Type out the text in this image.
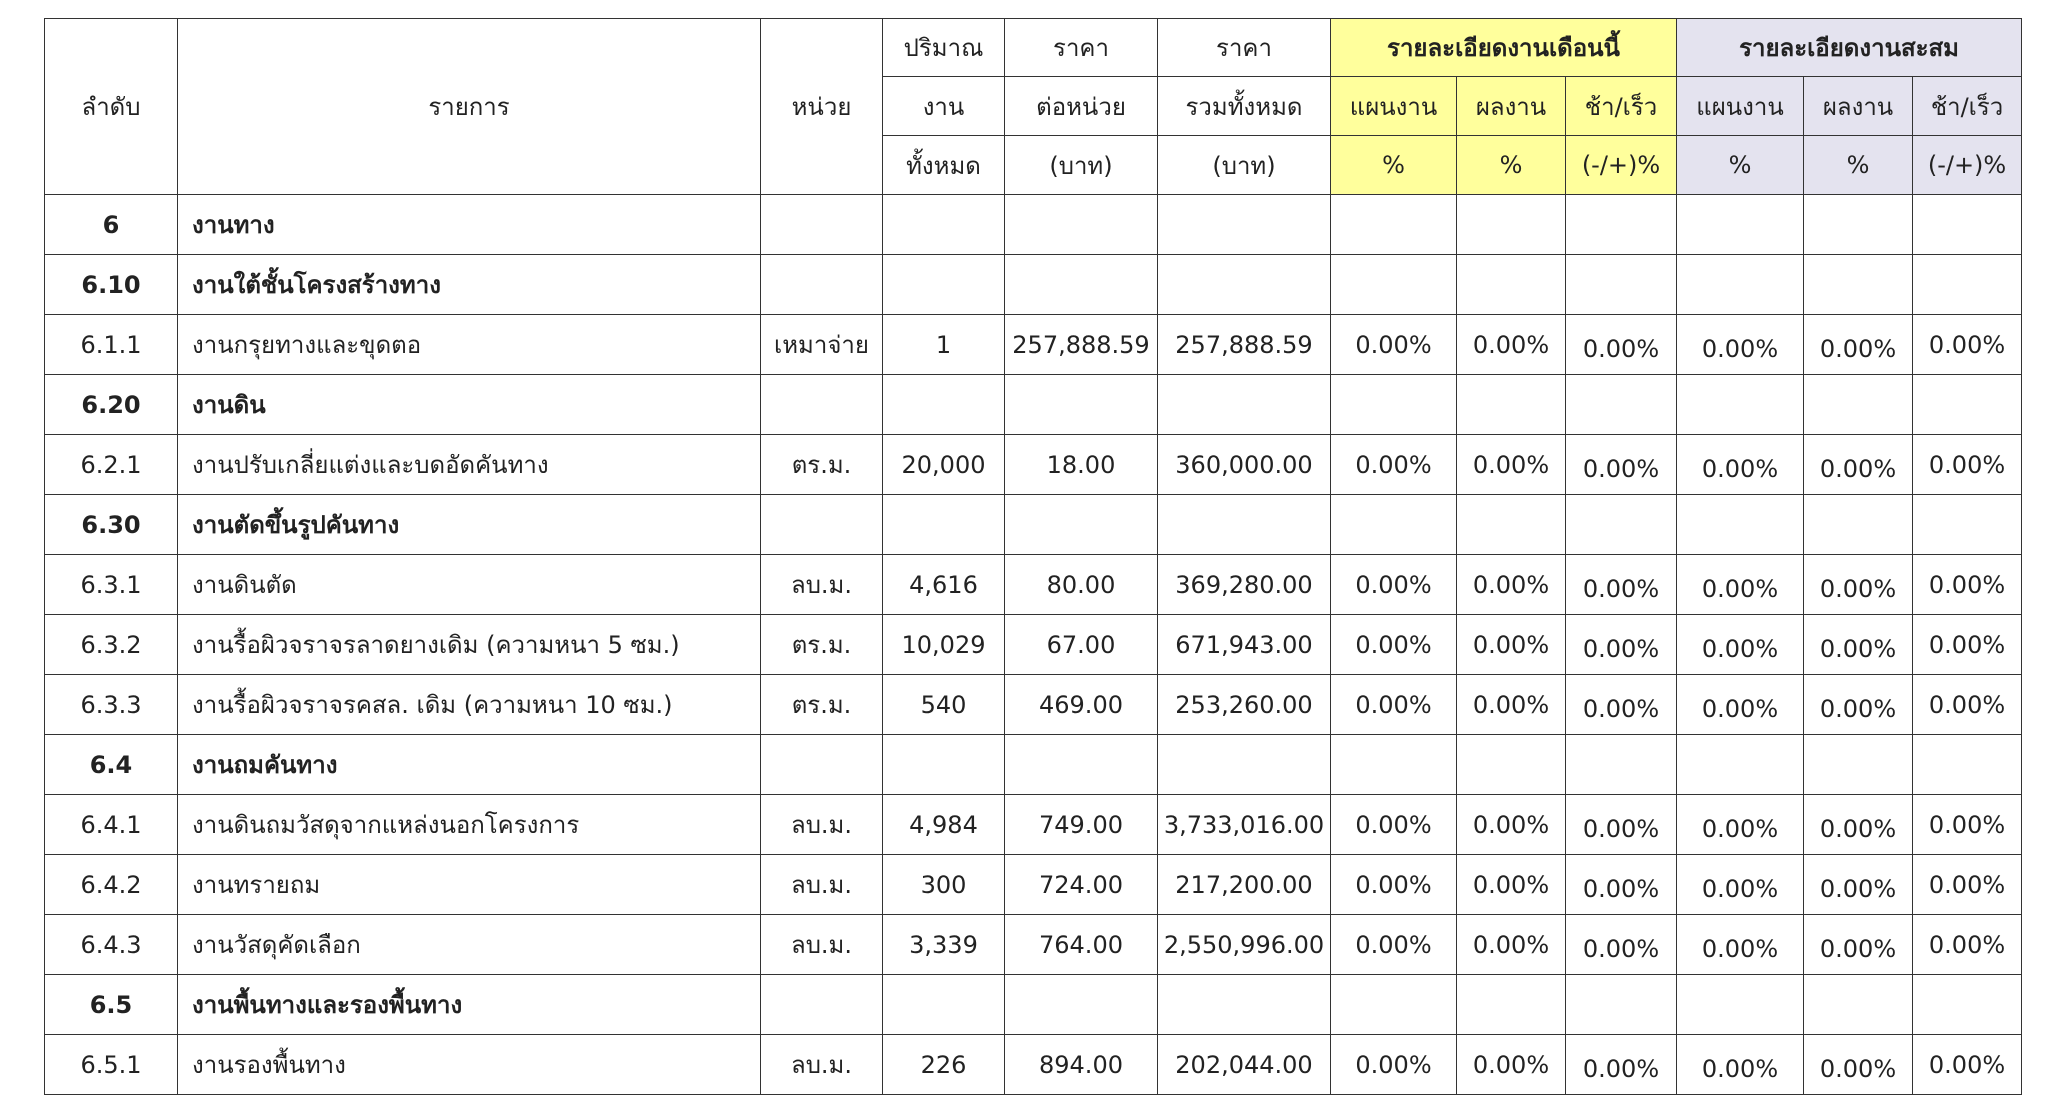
ลำดับ	รายการ	หน่วย	ปริมาณ	ราคา	ราคา	รายละเอียดงานเดือนนี้			รายละเอียดงานสะสม		
			งาน	ต่อหน่วย	รวมทั้งหมด	แผนงาน	ผลงาน	ช้า/เร็ว	แผนงาน	ผลงาน	ช้า/เร็ว
			ทั้งหมด	(บาท)	(บาท)	%	%	(-/+)%	%	%	(-/+)%
6	งานทาง										
6.10	งานใต้ชั้นโครงสร้างทาง										
6.1.1	งานกรุยทางและขุดตอ	เหมาจ่าย	1	257,888.59	257,888.59	0.00%	0.00%	0.00%	0.00%	0.00%	0.00%
6.20	งานดิน										
6.2.1	งานปรับเกลี่ยแต่งและบดอัดคันทาง	ตร.ม.	20,000	18.00	360,000.00	0.00%	0.00%	0.00%	0.00%	0.00%	0.00%
6.30	งานตัดขึ้นรูปคันทาง										
6.3.1	งานดินตัด	ลบ.ม.	4,616	80.00	369,280.00	0.00%	0.00%	0.00%	0.00%	0.00%	0.00%
6.3.2	งานรื้อผิวจราจรลาดยางเดิม (ความหนา 5 ซม.)	ตร.ม.	10,029	67.00	671,943.00	0.00%	0.00%	0.00%	0.00%	0.00%	0.00%
6.3.3	งานรื้อผิวจราจรคสล. เดิม (ความหนา 10 ซม.)	ตร.ม.	540	469.00	253,260.00	0.00%	0.00%	0.00%	0.00%	0.00%	0.00%
6.4	งานถมคันทาง										
6.4.1	งานดินถมวัสดุจากแหล่งนอกโครงการ	ลบ.ม.	4,984	749.00	3,733,016.00	0.00%	0.00%	0.00%	0.00%	0.00%	0.00%
6.4.2	งานทรายถม	ลบ.ม.	300	724.00	217,200.00	0.00%	0.00%	0.00%	0.00%	0.00%	0.00%
6.4.3	งานวัสดุคัดเลือก	ลบ.ม.	3,339	764.00	2,550,996.00	0.00%	0.00%	0.00%	0.00%	0.00%	0.00%
6.5	งานพื้นทางและรองพื้นทาง										
6.5.1	งานรองพื้นทาง	ลบ.ม.	226	894.00	202,044.00	0.00%	0.00%	0.00%	0.00%	0.00%	0.00%
